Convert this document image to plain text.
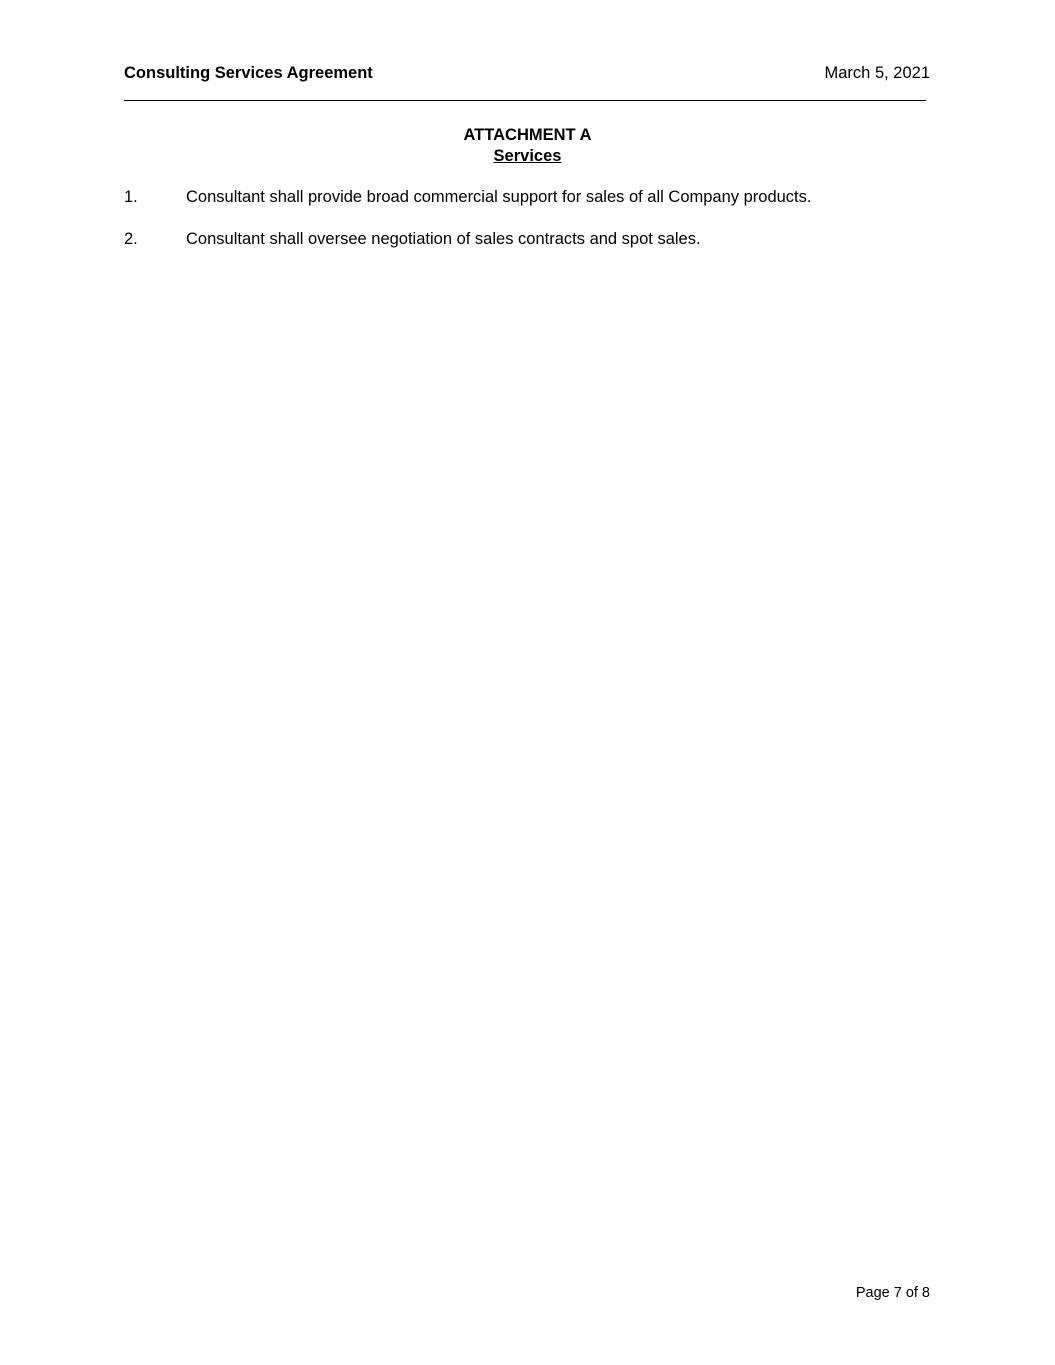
Consulting Services Agreement	March 5, 2021
ATTACHMENT A
Services
1.	Consultant shall provide broad commercial support for sales of all Company products.
2.	Consultant shall oversee negotiation of sales contracts and spot sales.
Page 7 of 8
